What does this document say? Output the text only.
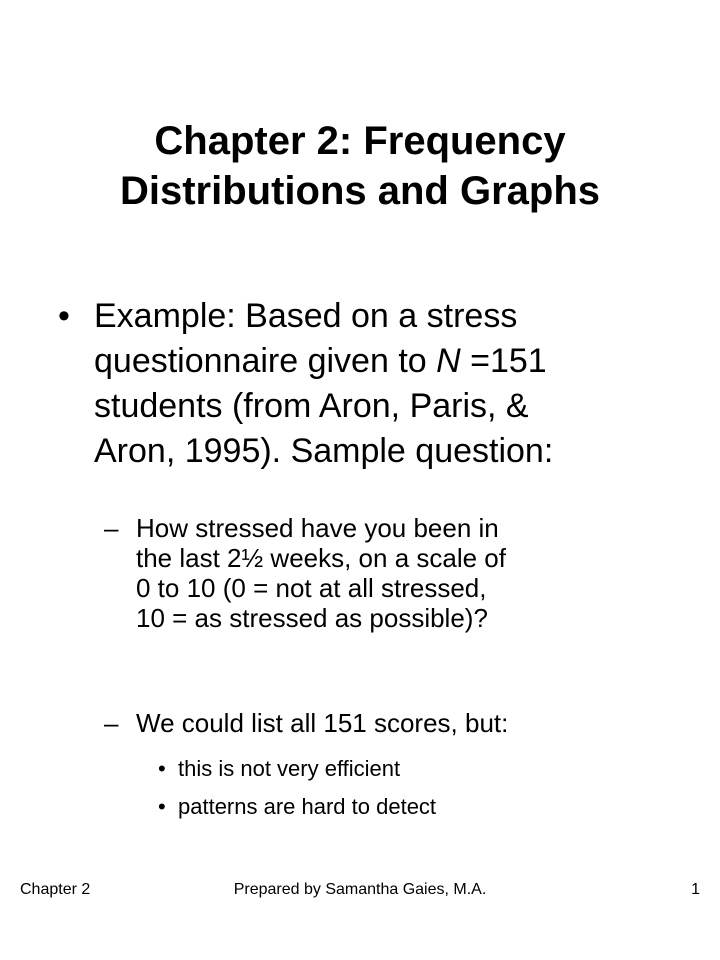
Chapter 2: Frequency
Distributions and Graphs
• Example: Based on a stress
questionnaire given to N =151
students (from Aron, Paris, &
Aron, 1995). Sample question:
– How stressed have you been in
the last 2½ weeks, on a scale of
0 to 10 (0 = not at all stressed,
10 = as stressed as possible)?
– We could list all 151 scores, but:
• this is not very efficient
• patterns are hard to detect
Chapter 2	Prepared by Samantha Gaies, M.A.	1
